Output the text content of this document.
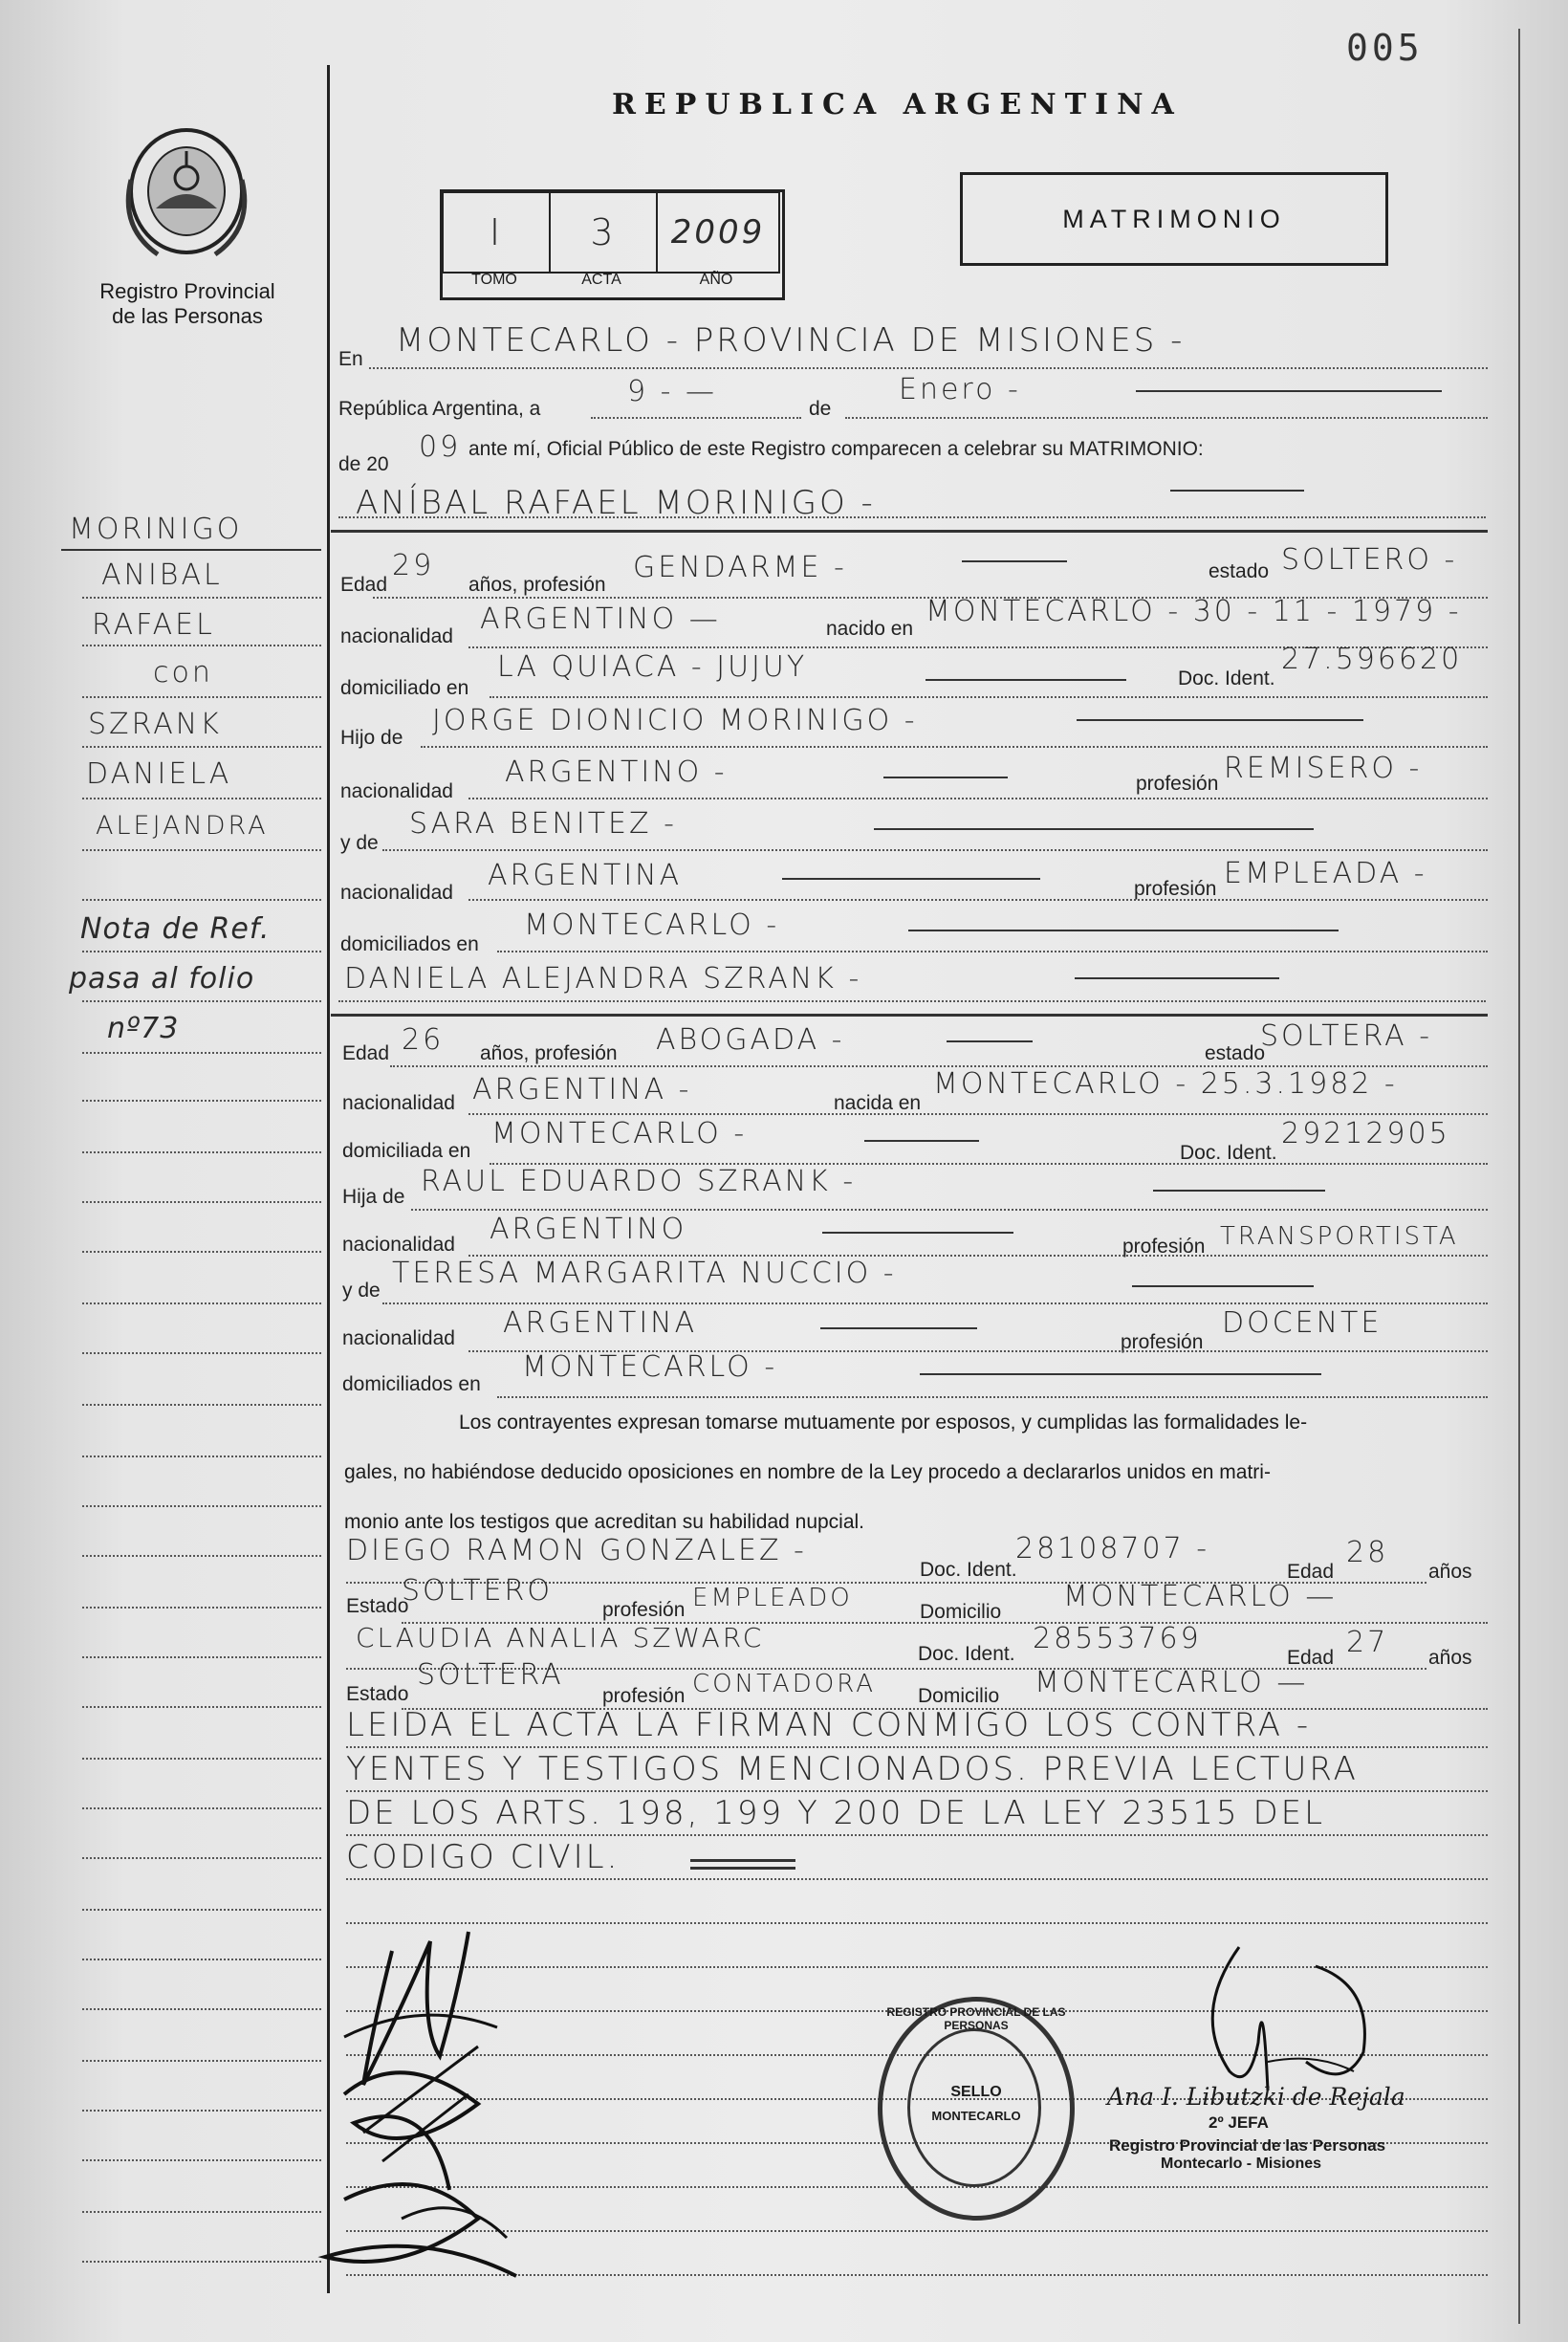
005
REPUBLICA ARGENTINA
Registro Provincial
de las Personas
I	3	2009
TOMO	ACTA	AÑO
MATRIMONIO
En MONTECARLO - PROVINCIA DE MISIONES -
República Argentina, a
9 - —
de
Enero -
de 20
09 ante mí, Oficial Público de este Registro comparecen a celebrar su MATRIMONIO:
ANÍBAL RAFAEL MORINIGO -
Edad
29
años, profesión
GENDARME -	estado SOLTERO -
nacionalidad
ARGENTINO —	nacido en
MONTECARLO - 30 - 11 - 1979 -
domiciliado en
LA QUIACA - JUJUY	Doc. Ident.
27.596620
Hijo de
JORGE DIONICIO MORINIGO -
nacionalidad
ARGENTINO -	profesión REMISERO -
y de
SARA BENITEZ -
nacionalidad
ARGENTINA	profesión EMPLEADA -
domiciliados en
MONTECARLO -
DANIELA ALEJANDRA SZRANK -
Edad 26 años, profesión ABOGADA -	estado
SOLTERA -
nacionalidad ARGENTINA -	nacida en
MONTECARLO - 25.3.1982 -
domiciliada en
MONTECARLO -
Doc. Ident.
29212905
Hija de RAUL EDUARDO SZRANK -
nacionalidad ARGENTINO
profesión TRANSPORTISTA
y de
TERESA MARGARITA NUCCIO -
nacionalidad ARGENTINA
profesión
DOCENTE
domiciliados en
MONTECARLO -
Los contrayentes expresan tomarse mutuamente por esposos, y cumplidas las formalidades le-
gales, no habiéndose deducido oposiciones en nombre de la Ley procedo a declararlos unidos en matri-
monio ante los testigos que acreditan su habilidad nupcial.
DIEGO RAMON GONZALEZ -
Doc. Ident.
28108707 -
Edad
28
años
Estado
SOLTERO
profesión EMPLEADO	Domicilio MONTECARLO —
CLAUDIA ANALIA SZWARC
Doc. Ident. 28553769
Edad 27 años
Estado
SOLTERA
profesión CONTADORA Domicilio MONTECARLO —
LEIDA EL ACTA LA FIRMAN CONMIGO LOS CONTRA -
YENTES Y TESTIGOS MENCIONADOS. PREVIA LECTURA
DE LOS ARTS. 198, 199 Y 200 DE LA LEY 23515 DEL
CODIGO CIVIL.
MORINIGO
ANIBAL
RAFAEL
con
SZRANK
DANIELA
ALEJANDRA
Nota de Ref.
pasa al folio
nº73
REGISTRO PROVINCIAL DE LAS PERSONAS
SELLO
MONTECARLO
Ana I. Libutzki de Rejala
2º JEFA
Registro Provincial de las Personas
Montecarlo - Misiones
